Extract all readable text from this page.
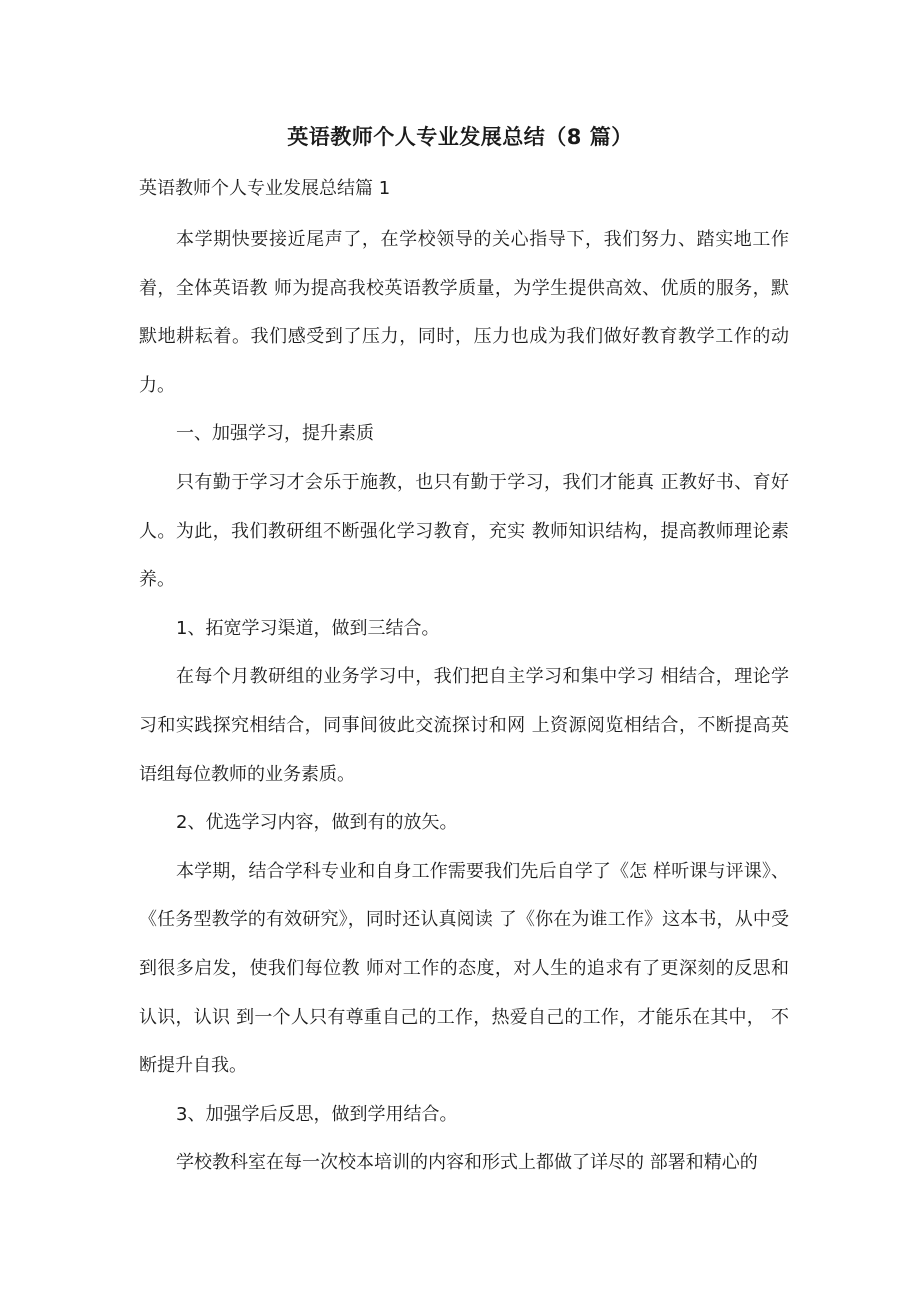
英语教师个人专业发展总结（8 篇）
英语教师个人专业发展总结篇 1

本学期快要接近尾声了，在学校领导的关心指导下，我们努力、踏实地工作着，全体英语教 师为提高我校英语教学质量，为学生提供高效、优质的服务，默 默地耕耘着。我们感受到了压力，同时，压力也成为我们做好教育教学工作的动力。

一、加强学习，提升素质

只有勤于学习才会乐于施教，也只有勤于学习，我们才能真 正教好书、育好人。为此，我们教研组不断强化学习教育，充实 教师知识结构，提高教师理论素养。

1、拓宽学习渠道，做到三结合。

在每个月教研组的业务学习中，我们把自主学习和集中学习 相结合，理论学习和实践探究相结合，同事间彼此交流探讨和网 上资源阅览相结合，不断提高英语组每位教师的业务素质。

2、优选学习内容，做到有的放矢。

本学期，结合学科专业和自身工作需要我们先后自学了《怎 样听课与评课》、《任务型教学的有效研究》，同时还认真阅读 了《你在为谁工作》这本书，从中受到很多启发，使我们每位教 师对工作的态度，对人生的追求有了更深刻的反思和认识，认识 到一个人只有尊重自己的工作，热爱自己的工作，才能乐在其中， 不断提升自我。

3、加强学后反思，做到学用结合。

学校教科室在每一次校本培训的内容和形式上都做了详尽的 部署和精心的
